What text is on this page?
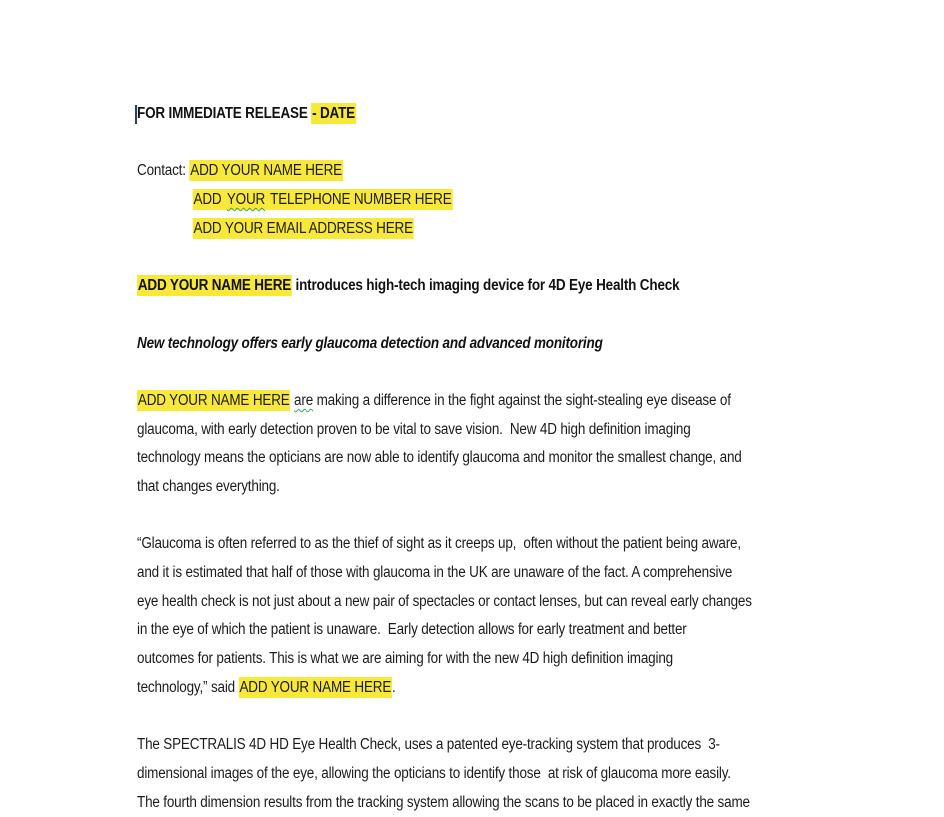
FOR IMMEDIATE RELEASE - DATE
Contact: ADD YOUR NAME HERE
ADD YOUR TELEPHONE NUMBER HERE
ADD YOUR EMAIL ADDRESS HERE
ADD YOUR NAME HERE introduces high-tech imaging device for 4D Eye Health Check
New technology offers early glaucoma detection and advanced monitoring
ADD YOUR NAME HERE are making a difference in the fight against the sight-stealing eye disease of
glaucoma, with early detection proven to be vital to save vision.  New 4D high definition imaging
technology means the opticians are now able to identify glaucoma and monitor the smallest change, and
that changes everything.
“Glaucoma is often referred to as the thief of sight as it creeps up,  often without the patient being aware,
and it is estimated that half of those with glaucoma in the UK are unaware of the fact. A comprehensive
eye health check is not just about a new pair of spectacles or contact lenses, but can reveal early changes
in the eye of which the patient is unaware.  Early detection allows for early treatment and better
outcomes for patients. This is what we are aiming for with the new 4D high definition imaging
technology,” said ADD YOUR NAME HERE.
The SPECTRALIS 4D HD Eye Health Check, uses a patented eye-tracking system that produces  3-
dimensional images of the eye, allowing the opticians to identify those  at risk of glaucoma more easily.
The fourth dimension results from the tracking system allowing the scans to be placed in exactly the same
